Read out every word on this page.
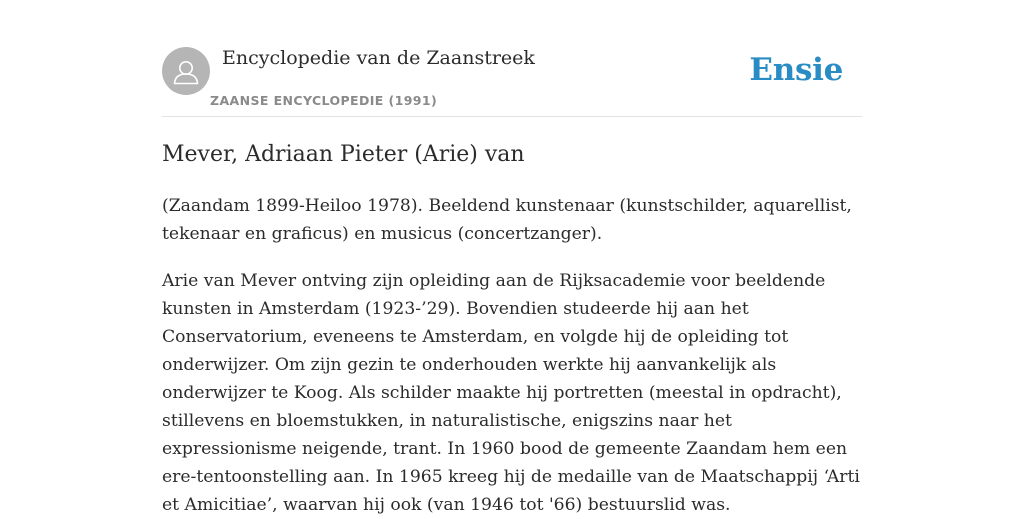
Encyclopedie van de Zaanstreek
ZAANSE ENCYCLOPEDIE (1991)
Ensie
Mever, Adriaan Pieter (Arie) van

(Zaandam 1899-Heiloo 1978). Beeldend kunstenaar (kunstschilder, aquarellist, tekenaar en graficus) en musicus (concertzanger).

Arie van Mever ontving zijn opleiding aan de Rijksacademie voor beeldende kunsten in Amsterdam (1923-’29). Bovendien studeerde hij aan het Conservatorium, eveneens te Amsterdam, en volgde hij de opleiding tot onderwijzer. Om zijn gezin te onderhouden werkte hij aanvankelijk als onderwijzer te Koog. Als schilder maakte hij portretten (meestal in opdracht), stillevens en bloemstukken, in naturalistische, enigszins naar het expressionisme neigende, trant. In 1960 bood de gemeente Zaandam hem een ere-tentoonstelling aan. In 1965 kreeg hij de medaille van de Maatschappij ‘Arti et Amicitiae’, waarvan hij ook (van 1946 tot '66) bestuurslid was.
